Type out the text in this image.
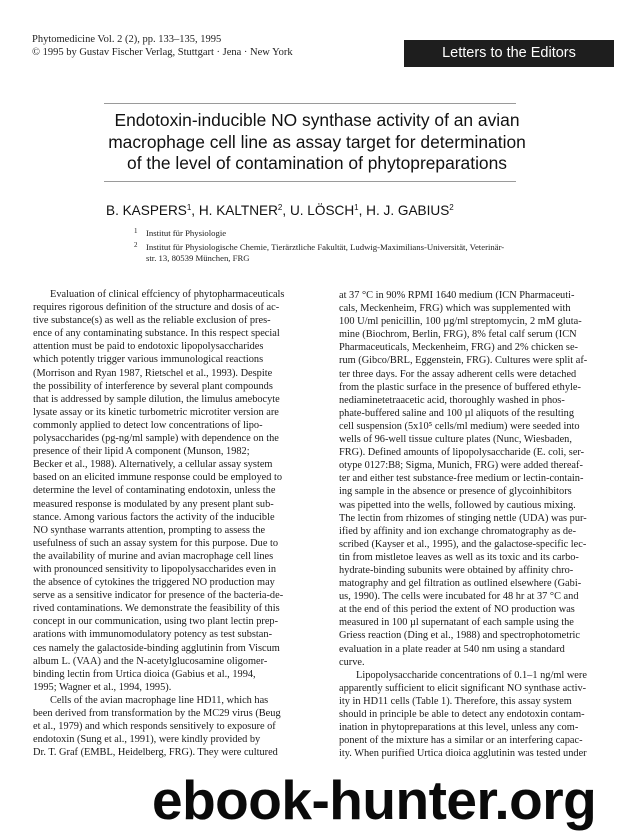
Phytomedicine Vol. 2 (2), pp. 133–135, 1995
© 1995 by Gustav Fischer Verlag, Stuttgart · Jena · New York	Letters to the Editors
Endotoxin-inducible NO synthase activity of an avian
macrophage cell line as assay target for determination
of the level of contamination of phytopreparations
B. KASPERS$^1$, H. KALTNER$^2$, U. LÖSCH$^1$, H. J. GABIUS$^2$
1 Institut für Physiologie
2 Institut für Physiologische Chemie, Tierärztliche Fakultät, Ludwig-Maximilians-Universität, Veterinär-
str. 13, 80539 München, FRG
Evaluation of clinical effciency of phytopharmaceuticals
requires rigorous definition of the structure and dosis of ac-
tive substance(s) as well as the reliable exclusion of pres-
ence of any contaminating substance. In this respect special
attention must be paid to endotoxic lipopolysaccharides
which potently trigger various immunological reactions
(Morrison and Ryan 1987, Rietschel et al., 1993). Despite
the possibility of interference by several plant compounds
that is addressed by sample dilution, the limulus amebocyte
lysate assay or its kinetic turbometric microtiter version are
commonly applied to detect low concentrations of lipo-
polysaccharides (pg-ng/ml sample) with dependence on the
presence of their lipid A component (Munson, 1982;
Becker et al., 1988). Alternatively, a cellular assay system
based on an elicited immune response could be employed to
determine the level of contaminating endotoxin, unless the
measured response is modulated by any present plant sub-
stance. Among various factors the activity of the inducible
NO synthase warrants attention, prompting to assess the
usefulness of such an assay system for this purpose. Due to
the availability of murine and avian macrophage cell lines
with pronounced sensitivity to lipopolysaccharides even in
the absence of cytokines the triggered NO production may
serve as a sensitive indicator for presence of the bacteria-de-
rived contaminations. We demonstrate the feasibility of this
concept in our communication, using two plant lectin prep-
arations with immunomodulatory potency as test substan-
ces namely the galactoside-binding agglutinin from Viscum
album L. (VAA) and the N-acetylglucosamine oligomer-
binding lectin from Urtica dioica (Gabius et al., 1994,
1995; Wagner et al., 1994, 1995).
Cells of the avian macrophage line HD11, which has
been derived from transformation by the MC29 virus (Beug
et al., 1979) and which responds sensitively to exposure of
endotoxin (Sung et al., 1991), were kindly provided by
Dr. T. Graf (EMBL, Heidelberg, FRG). They were cultured
at 37 °C in 90% RPMI 1640 medium (ICN Pharmaceuti-
cals, Meckenheim, FRG) which was supplemented with
100 U/ml penicillin, 100 µg/ml streptomycin, 2 mM gluta-
mine (Biochrom, Berlin, FRG), 8% fetal calf serum (ICN
Pharmaceuticals, Meckenheim, FRG) and 2% chicken se-
rum (Gibco/BRL, Eggenstein, FRG). Cultures were split af-
ter three days. For the assay adherent cells were detached
from the plastic surface in the presence of buffered ethyle-
nediaminetetraacetic acid, thoroughly washed in phos-
phate-buffered saline and 100 µl aliquots of the resulting
cell suspension (5x10⁵ cells/ml medium) were seeded into
wells of 96-well tissue culture plates (Nunc, Wiesbaden,
FRG). Defined amounts of lipopolysaccharide (E. coli, ser-
otype 0127:B8; Sigma, Munich, FRG) were added thereaf-
ter and either test substance-free medium or lectin-contain-
ing sample in the absence or presence of glycoinhibitors
was pipetted into the wells, followed by cautious mixing.
The lectin from rhizomes of stinging nettle (UDA) was pur-
ified by affinity and ion exchange chromatography as de-
scribed (Kayser et al., 1995), and the galactose-specific lec-
tin from mistletoe leaves as well as its toxic and its carbo-
hydrate-binding subunits were obtained by affinity chro-
matography and gel filtration as outlined elsewhere (Gabi-
us, 1990). The cells were incubated for 48 hr at 37 °C and
at the end of this period the extent of NO production was
measured in 100 µl supernatant of each sample using the
Griess reaction (Ding et al., 1988) and spectrophotometric
evaluation in a plate reader at 540 nm using a standard
curve.
Lipopolysaccharide concentrations of 0.1–1 ng/ml were
apparently sufficient to elicit significant NO synthase activ-
ity in HD11 cells (Table 1). Therefore, this assay system
should in principle be able to detect any endotoxin contam-
ination in phytopreparations at this level, unless any com-
ponent of the mixture has a similar or an interfering capac-
ity. When purified Urtica dioica agglutinin was tested under
ebook-hunter.org
